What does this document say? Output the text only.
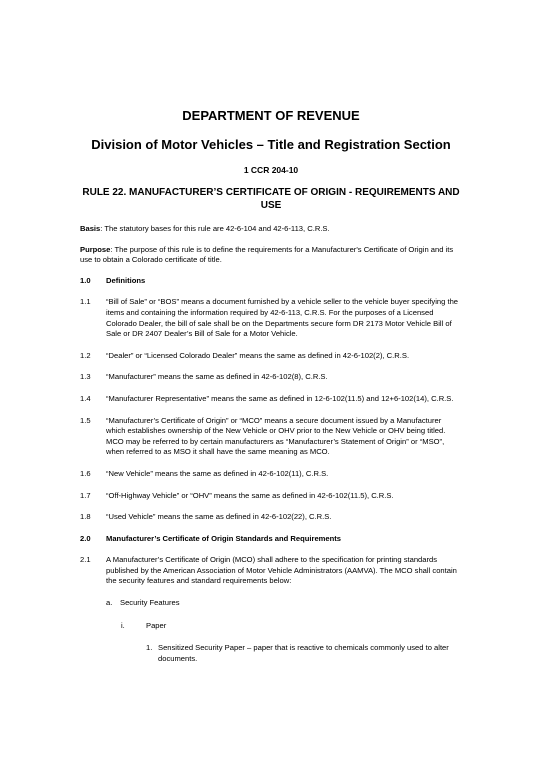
DEPARTMENT OF REVENUE
Division of Motor Vehicles – Title and Registration Section
1 CCR 204-10
RULE 22. MANUFACTURER’S CERTIFICATE OF ORIGIN - REQUIREMENTS AND USE

Basis: The statutory bases for this rule are 42-6-104 and 42-6-113, C.R.S.

Purpose: The purpose of this rule is to define the requirements for a Manufacturer's Certificate of Origin and its use to obtain a Colorado certificate of title.

1.0	Definitions
1.1	“Bill of Sale” or “BOS” means a document furnished by a vehicle seller to the vehicle buyer specifying the items and containing the information required by 42-6-113, C.R.S. For the purposes of a Licensed Colorado Dealer, the bill of sale shall be on the Departments secure form DR 2173 Motor Vehicle Bill of Sale or DR 2407 Dealer’s Bill of Sale for a Motor Vehicle.
1.2	“Dealer” or “Licensed Colorado Dealer” means the same as defined in 42-6-102(2), C.R.S.
1.3	“Manufacturer” means the same as defined in 42-6-102(8), C.R.S.
1.4	“Manufacturer Representative” means the same as defined in 12-6-102(11.5) and 12+6-102(14), C.R.S.
1.5	“Manufacturer’s Certificate of Origin” or “MCO” means a secure document issued by a Manufacturer which establishes ownership of the New Vehicle or OHV prior to the New Vehicle or OHV being titled. MCO may be referred to by certain manufacturers as “Manufacturer’s Statement of Origin” or “MSO”, when referred to as MSO it shall have the same meaning as MCO.
1.6	“New Vehicle” means the same as defined in 42-6-102(11), C.R.S.
1.7	“Off-Highway Vehicle” or “OHV” means the same as defined in 42-6-102(11.5), C.R.S.
1.8	“Used Vehicle” means the same as defined in 42-6-102(22), C.R.S.
2.0	Manufacturer’s Certificate of Origin Standards and Requirements
2.1	A Manufacturer’s Certificate of Origin (MCO) shall adhere to the specification for printing standards published by the American Association of Motor Vehicle Administrators (AAMVA). The MCO shall contain the security features and standard requirements below:
a.	Security Features
i.	Paper
1. Sensitized Security Paper – paper that is reactive to chemicals commonly used to alter documents.
